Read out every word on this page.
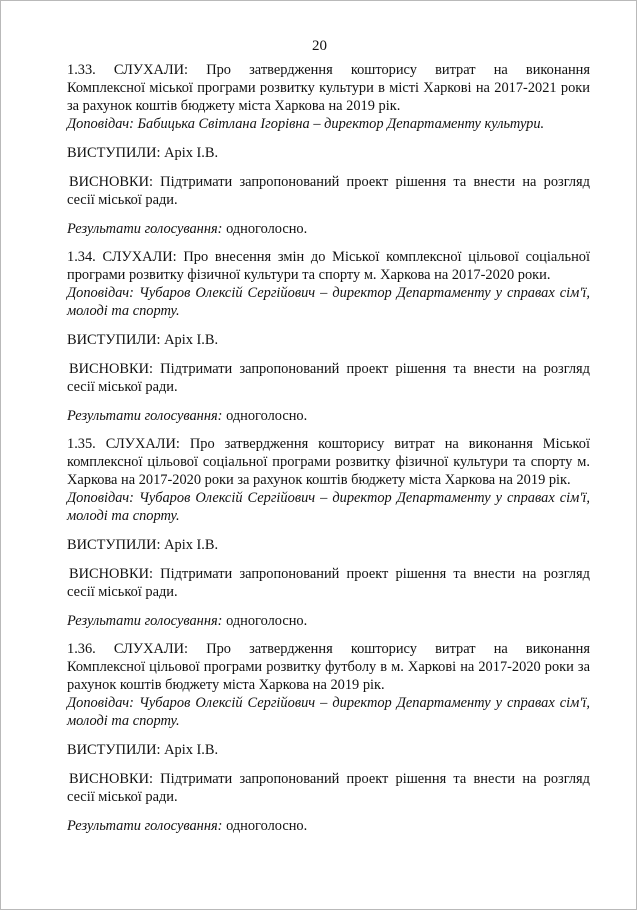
20

1.33. СЛУХАЛИ: Про затвердження кошторису витрат на виконання

Комплексної міської програми розвитку культури в місті Харкові на 2017-2021 роки за рахунок коштів бюджету міста Харкова на 2019 рік.

Доповідач: Бабицька Світлана Ігорівна – директор Департаменту культури.

ВИСТУПИЛИ: Аріх І.В.

ВИСНОВКИ: Підтримати запропонований проект рішення та внести на розгляд сесії міської ради.

Результати голосування: одноголосно.

1.34. СЛУХАЛИ: Про внесення змін до Міської комплексної цільової соціальної програми розвитку фізичної культури та спорту м. Харкова на 2017-2020 роки.

Доповідач: Чубаров Олексій Сергійович – директор Департаменту у справах сім'ї, молоді та спорту.

ВИСТУПИЛИ: Аріх І.В.

ВИСНОВКИ: Підтримати запропонований проект рішення та внести на розгляд сесії міської ради.

Результати голосування: одноголосно.

1.35. СЛУХАЛИ: Про затвердження кошторису витрат на виконання Міської комплексної цільової соціальної програми розвитку фізичної культури та спорту м. Харкова на 2017-2020 роки за рахунок коштів бюджету міста Харкова на 2019 рік.

Доповідач: Чубаров Олексій Сергійович – директор Департаменту у справах сім'ї, молоді та спорту.

ВИСТУПИЛИ: Аріх І.В.

ВИСНОВКИ: Підтримати запропонований проект рішення та внести на розгляд сесії міської ради.

Результати голосування: одноголосно.

1.36. СЛУХАЛИ: Про затвердження кошторису витрат на виконання

Комплексної цільової програми розвитку футболу в м. Харкові на 2017-2020 роки за рахунок коштів бюджету міста Харкова на 2019 рік.

Доповідач: Чубаров Олексій Сергійович – директор Департаменту у справах сім'ї, молоді та спорту.

ВИСТУПИЛИ: Аріх І.В.

ВИСНОВКИ: Підтримати запропонований проект рішення та внести на розгляд сесії міської ради.

Результати голосування: одноголосно.
